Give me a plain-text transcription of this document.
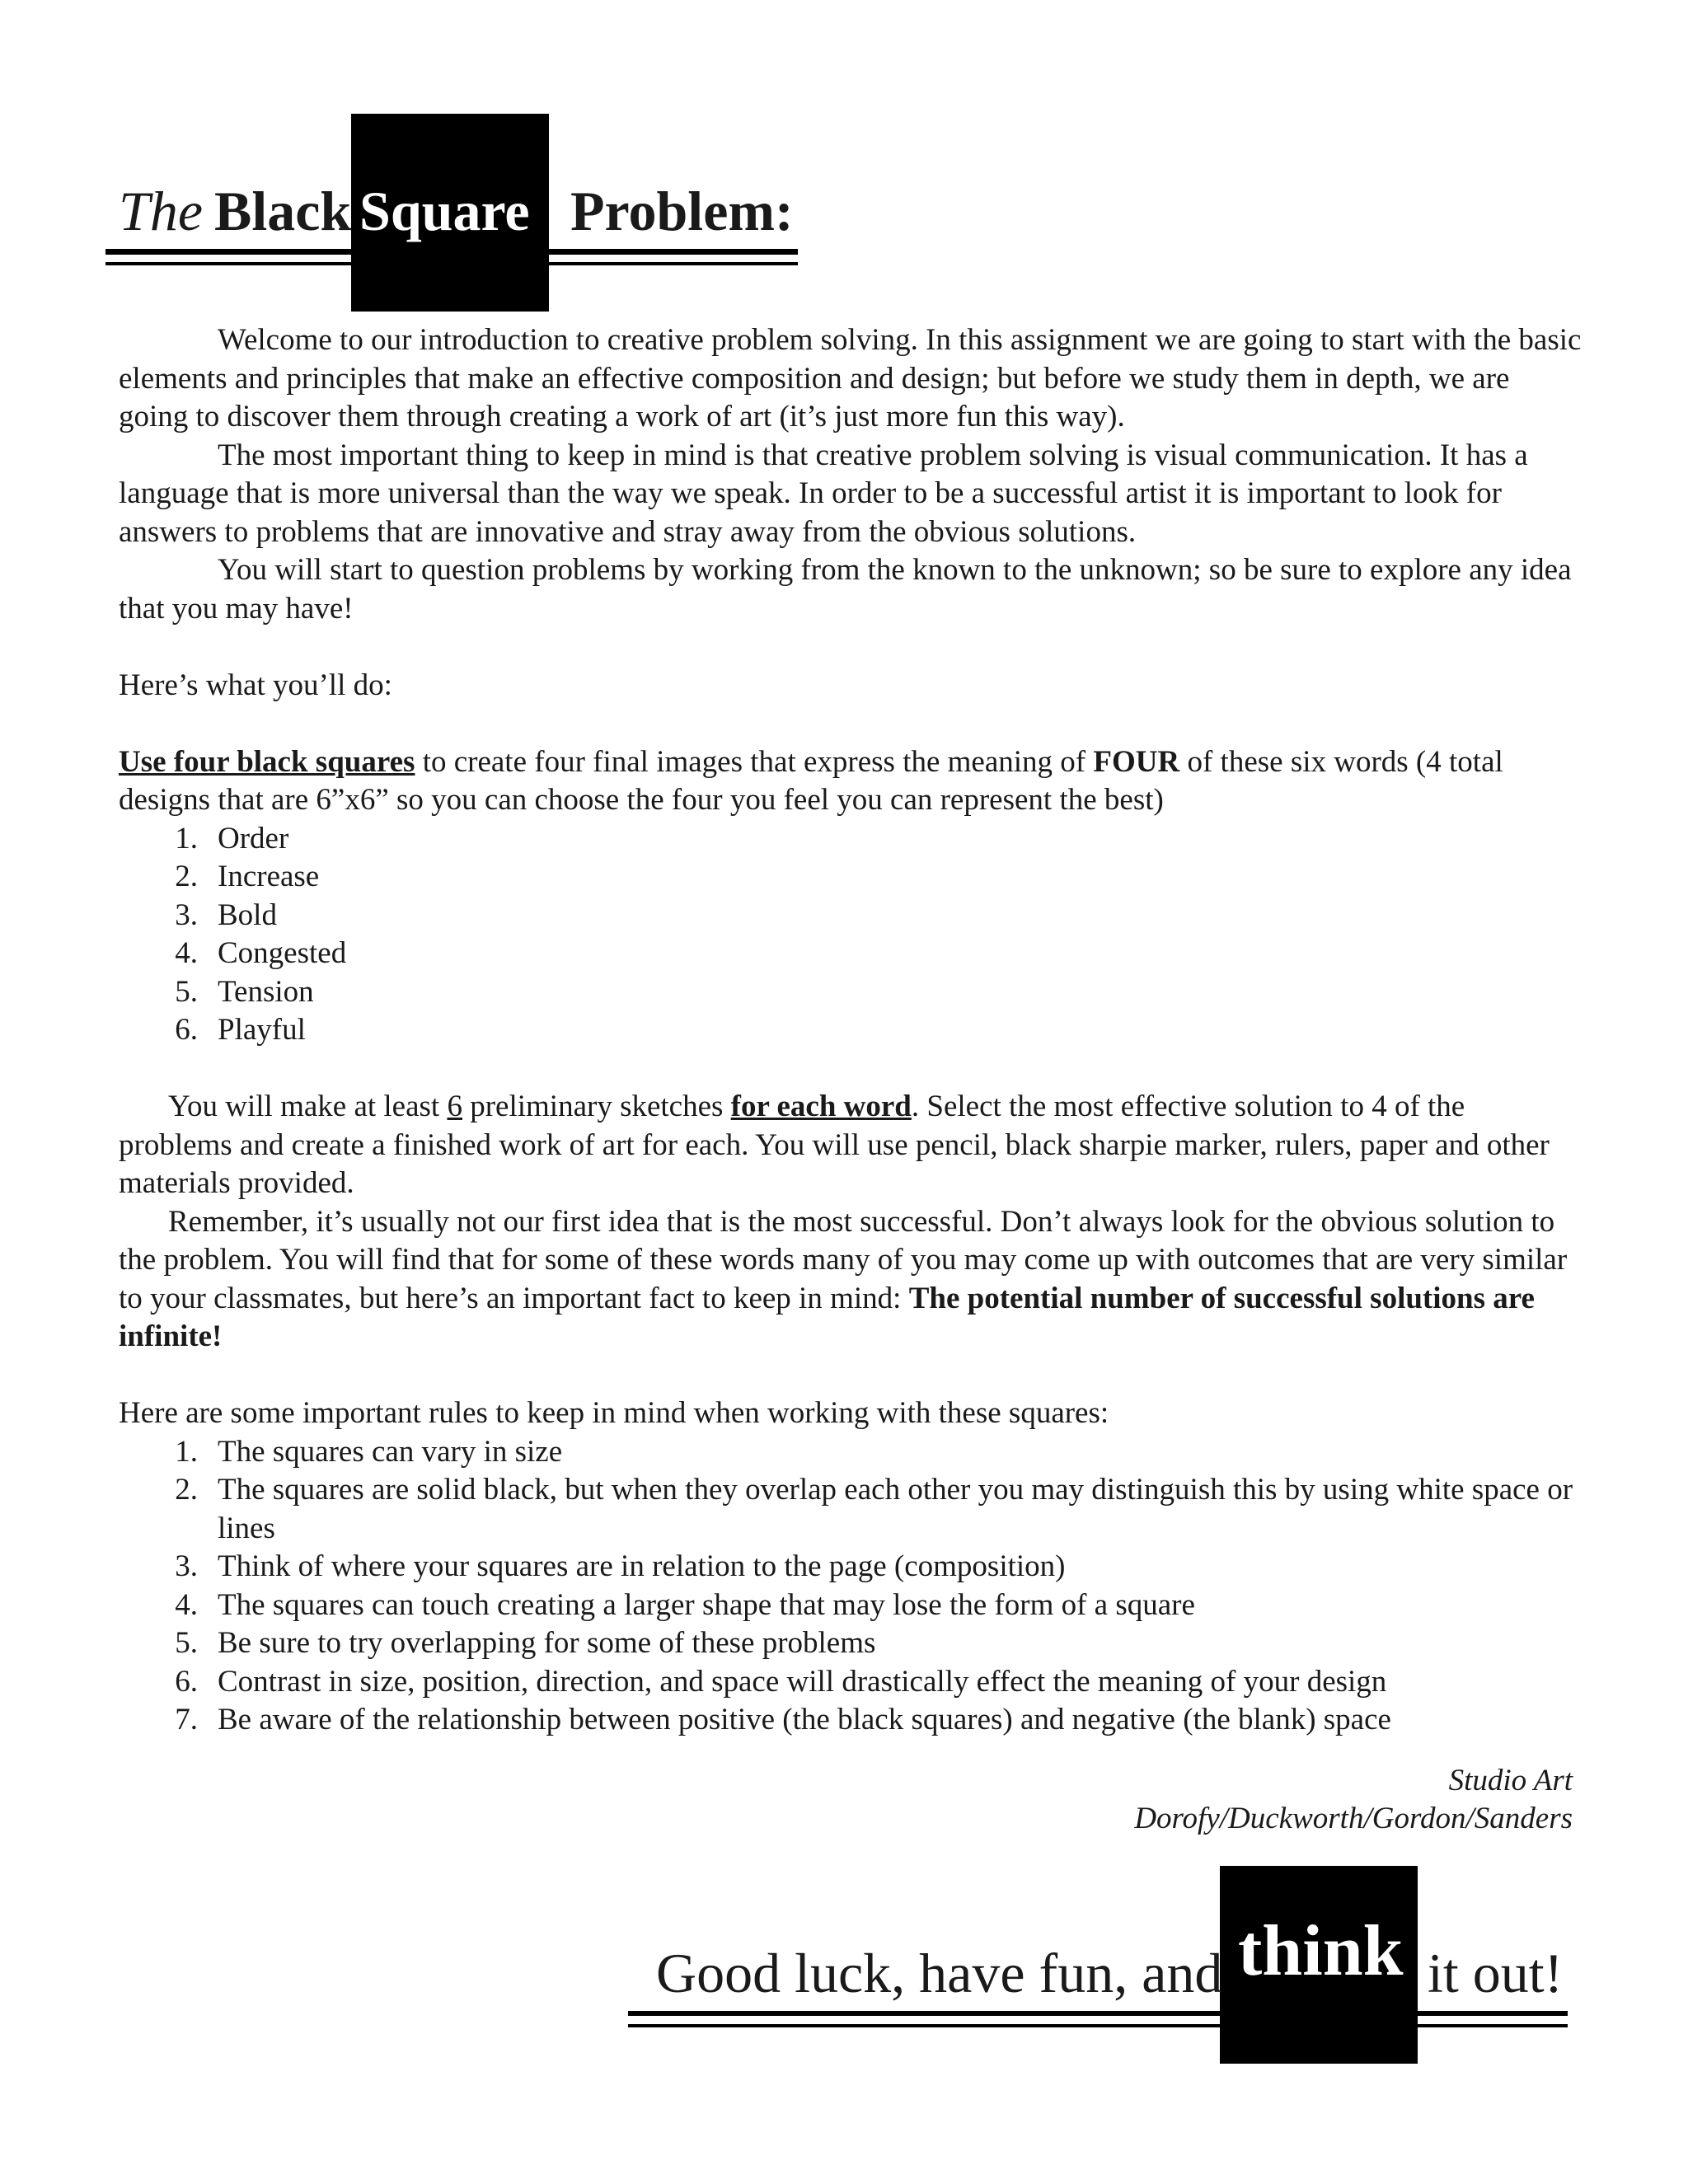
The Black Square Problem:

Welcome to our introduction to creative problem solving. In this assignment we are going to start with the basic elements and principles that make an effective composition and design; but before we study them in depth, we are going to discover them through creating a work of art (it’s just more fun this way).

The most important thing to keep in mind is that creative problem solving is visual communication. It has a language that is more universal than the way we speak. In order to be a successful artist it is important to look for answers to problems that are innovative and stray away from the obvious solutions.

You will start to question problems by working from the known to the unknown; so be sure to explore any idea that you may have!

Here’s what you’ll do:

Use four black squares to create four final images that express the meaning of FOUR of these six words (4 total designs that are 6”x6” so you can choose the four you feel you can represent the best)

1. Order
2. Increase
3. Bold
4. Congested
5. Tension
6. Playful

You will make at least 6 preliminary sketches for each word. Select the most effective solution to 4 of the problems and create a finished work of art for each. You will use pencil, black sharpie marker, rulers, paper and other materials provided.

Remember, it’s usually not our first idea that is the most successful. Don’t always look for the obvious solution to the problem. You will find that for some of these words many of you may come up with outcomes that are very similar to your classmates, but here’s an important fact to keep in mind: The potential number of successful solutions are infinite!

Here are some important rules to keep in mind when working with these squares:

1. The squares can vary in size
2. The squares are solid black, but when they overlap each other you may distinguish this by using white space or lines
3. Think of where your squares are in relation to the page (composition)
4. The squares can touch creating a larger shape that may lose the form of a square
5. Be sure to try overlapping for some of these problems
6. Contrast in size, position, direction, and space will drastically effect the meaning of your design
7. Be aware of the relationship between positive (the black squares) and negative (the blank) space
Studio Art
Dorofy/Duckworth/Gordon/Sanders
Good luck, have fun, and think it out!
